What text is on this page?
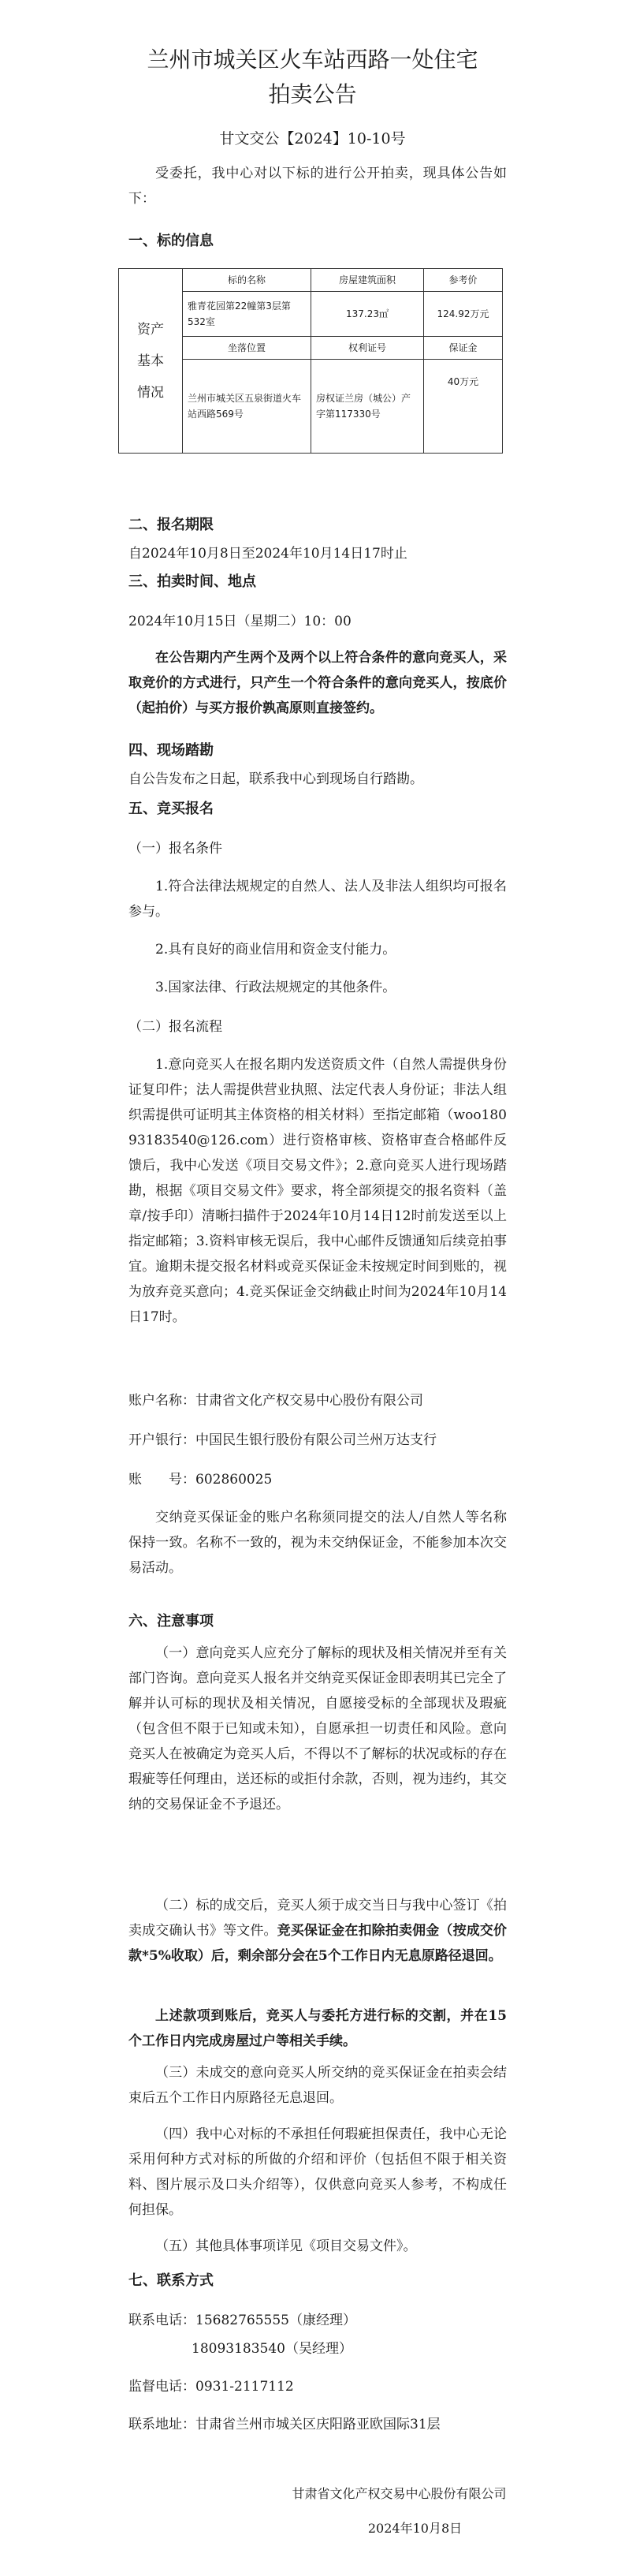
兰州市城关区火车站西路一处住宅
拍卖公告
甘文交公【2024】10-10号
受委托，我中心对以下标的进行公开拍卖，现具体公告如下：
一、标的信息
资产
基本
情况	标的名称	房屋建筑面积	参考价
	雅青花园第22幢第3层第532室	137.23㎡	124.92万元
	坐落位置	权利证号	保证金
	兰州市城关区五泉街道火车站西路569号	房权证兰房（城公）产字第117330号	40万元
二、报名期限
自2024年10月8日至2024年10月14日17时止
三、拍卖时间、地点
2024年10月15日（星期二）10：00
在公告期内产生两个及两个以上符合条件的意向竞买人，采取竞价的方式进行，只产生一个符合条件的意向竞买人，按底价（起拍价）与买方报价孰高原则直接签约。
四、现场踏勘
自公告发布之日起，联系我中心到现场自行踏勘。
五、竞买报名
（一）报名条件
1.符合法律法规规定的自然人、法人及非法人组织均可报名参与。
2.具有良好的商业信用和资金支付能力。
3.国家法律、行政法规规定的其他条件。
（二）报名流程
1.意向竞买人在报名期内发送资质文件（自然人需提供身份证复印件；法人需提供营业执照、法定代表人身份证；非法人组织需提供可证明其主体资格的相关材料）至指定邮箱（woo18093183540@126.com）进行资格审核、资格审查合格邮件反馈后，我中心发送《项目交易文件》；2.意向竞买人进行现场踏勘，根据《项目交易文件》要求，将全部须提交的报名资料（盖章/按手印）清晰扫描件于2024年10月14日12时前发送至以上指定邮箱；3.资料审核无误后，我中心邮件反馈通知后续竞拍事宜。逾期未提交报名材料或竞买保证金未按规定时间到账的，视为放弃竞买意向；4.竞买保证金交纳截止时间为2024年10月14日17时。
账户名称：甘肃省文化产权交易中心股份有限公司
开户银行：中国民生银行股份有限公司兰州万达支行
账　　号：602860025
交纳竞买保证金的账户名称须同提交的法人/自然人等名称保持一致。名称不一致的，视为未交纳保证金，不能参加本次交易活动。
六、注意事项
（一）意向竞买人应充分了解标的现状及相关情况并至有关部门咨询。意向竞买人报名并交纳竞买保证金即表明其已完全了解并认可标的现状及相关情况，自愿接受标的全部现状及瑕疵（包含但不限于已知或未知），自愿承担一切责任和风险。意向竞买人在被确定为竞买人后，不得以不了解标的状况或标的存在瑕疵等任何理由，送还标的或拒付余款，否则，视为违约，其交纳的交易保证金不予退还。
（二）标的成交后，竞买人须于成交当日与我中心签订《拍卖成交确认书》等文件。竞买保证金在扣除拍卖佣金（按成交价款*5%收取）后，剩余部分会在5个工作日内无息原路径退回。
上述款项到账后，竞买人与委托方进行标的交割，并在15个工作日内完成房屋过户等相关手续。
（三）未成交的意向竞买人所交纳的竞买保证金在拍卖会结束后五个工作日内原路径无息退回。
（四）我中心对标的不承担任何瑕疵担保责任，我中心无论采用何种方式对标的所做的介绍和评价（包括但不限于相关资料、图片展示及口头介绍等），仅供意向竞买人参考，不构成任何担保。
（五）其他具体事项详见《项目交易文件》。
七、联系方式
联系电话：15682765555（康经理）
18093183540（吴经理）
监督电话：0931-2117112
联系地址：甘肃省兰州市城关区庆阳路亚欧国际31层
甘肃省文化产权交易中心股份有限公司
2024年10月8日
